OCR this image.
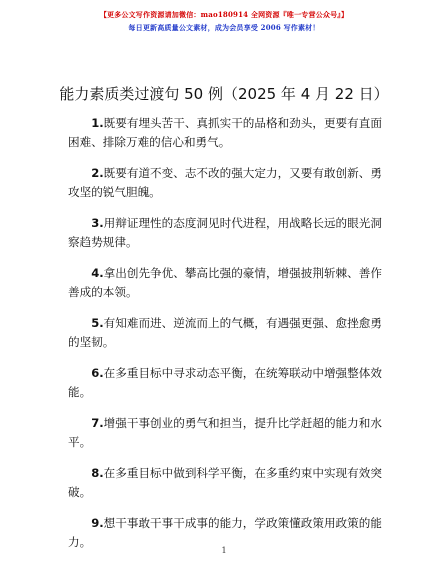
【更多公文写作资源请加微信：mao180914 全网资源『唯一专营公众号』】
每日更新高质量公文素材，成为会员享受 2006 写作素材！
能力素质类过渡句 50 例（2025 年 4 月 22 日）

1.既要有埋头苦干、真抓实干的品格和劲头，更要有直面困难、排除万难的信心和勇气。

2.既要有道不变、志不改的强大定力，又要有敢创新、勇攻坚的锐气胆魄。

3.用辩证理性的态度洞见时代进程，用战略长远的眼光洞察趋势规律。

4.拿出创先争优、攀高比强的豪情，增强披荆斩棘、善作善成的本领。

5.有知难而进、逆流而上的气概，有遇强更强、愈挫愈勇的坚韧。

6.在多重目标中寻求动态平衡，在统筹联动中增强整体效能。

7.增强干事创业的勇气和担当，提升比学赶超的能力和水平。

8.在多重目标中做到科学平衡，在多重约束中实现有效突破。

9.想干事敢干事干成事的能力，学政策懂政策用政策的能力。

1
